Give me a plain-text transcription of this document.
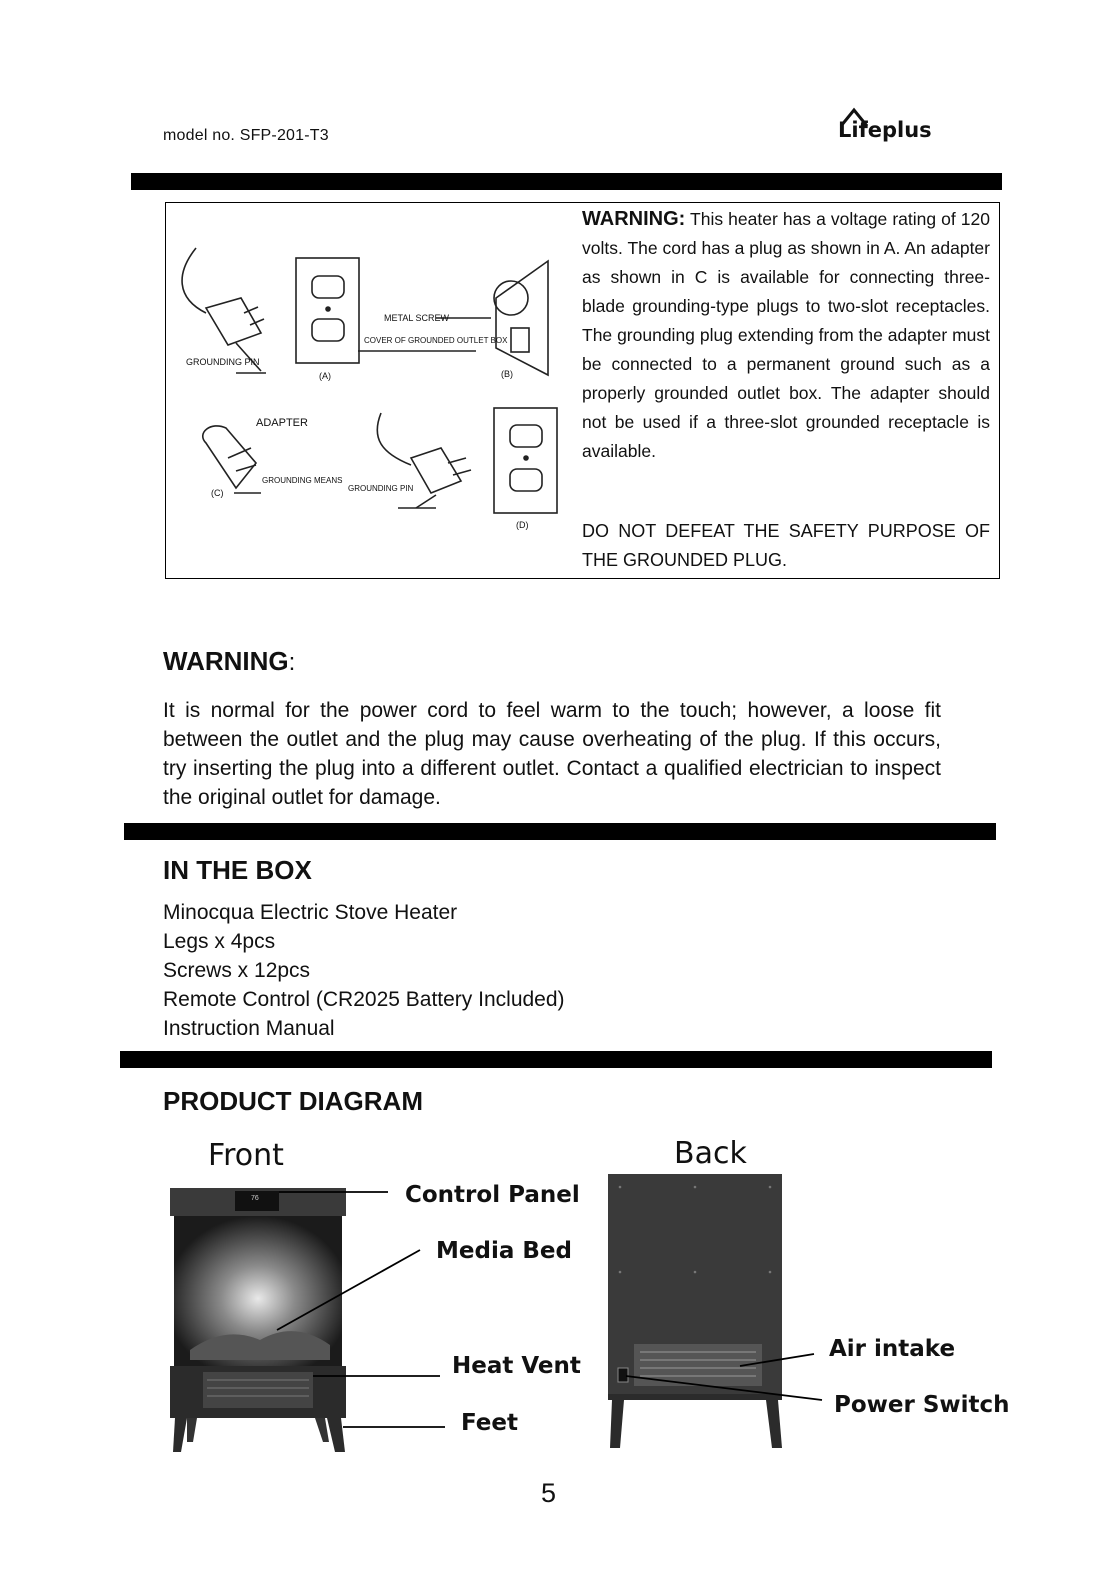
model no. SFP-201-T3	Lifeplus
GROUNDING PIN
(A)
METAL SCREW
COVER OF GROUNDED OUTLET BOX
(B)
ADAPTER
GROUNDING MEANS
(C)	GROUNDING PIN
(D)
WARNING: This heater has a voltage rating of 120 volts. The cord has a plug as shown in A. An adapter as shown in C is available for connecting three-blade grounding-type plugs to two-slot receptacles. The grounding plug extending from the adapter must be connected to a permanent ground such as a properly grounded outlet box. The adapter should not be used if a three-slot grounded receptacle is available.
DO NOT DEFEAT THE SAFETY PURPOSE OF THE GROUNDED PLUG.
WARNING:
It is normal for the power cord to feel warm to the touch; however, a loose fit between the outlet and the plug may cause overheating of the plug. If this occurs, try inserting the plug into a different outlet. Contact a qualified electrician to inspect the original outlet for damage.
IN THE BOX
Minocqua Electric Stove Heater
Legs x 4pcs
Screws x 12pcs
Remote Control (CR2025 Battery Included)
Instruction Manual
PRODUCT DIAGRAM
Front	Back
76	Control Panel
Media Bed
Heat Vent
Feet
Air intake
Power Switch
5
